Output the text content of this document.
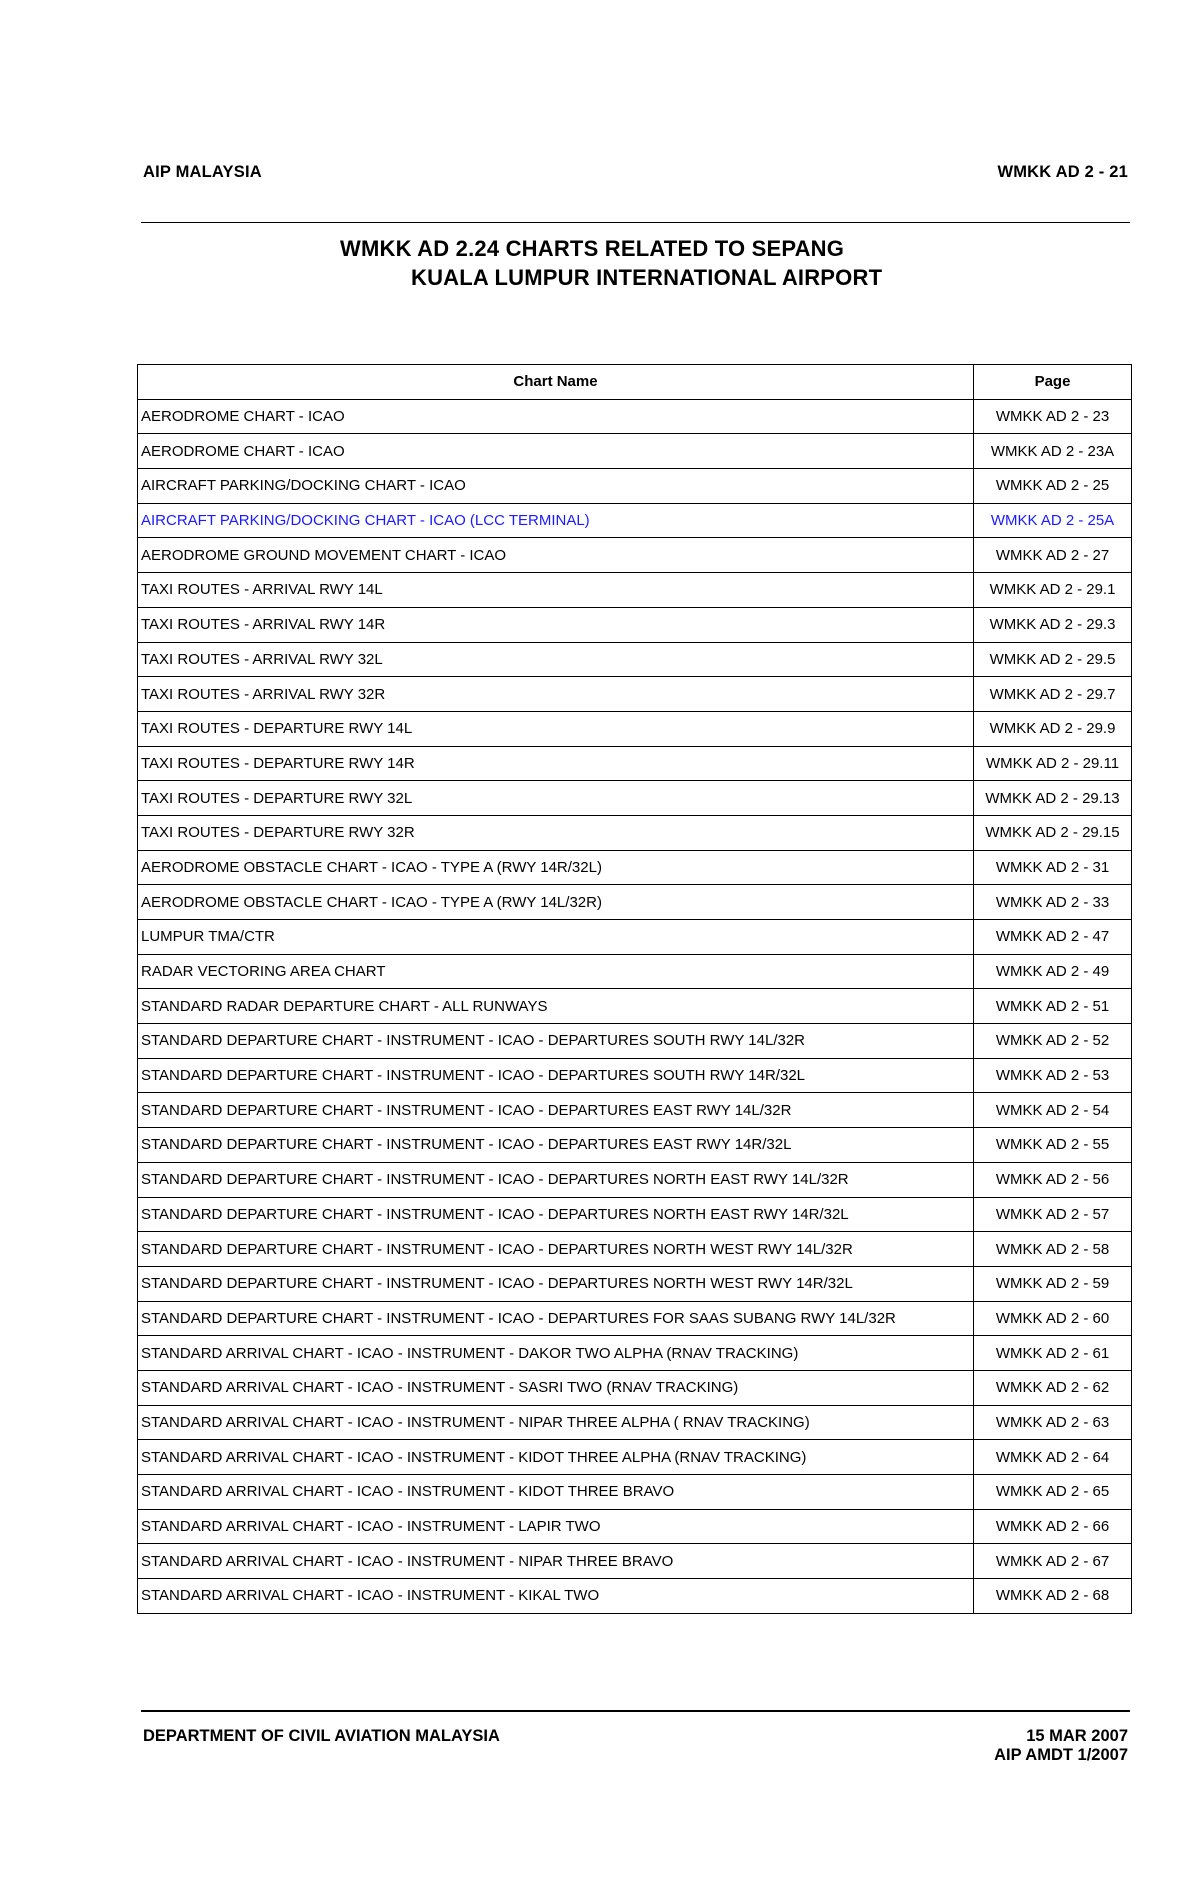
AIP MALAYSIA	WMKK AD 2 - 21
WMKK AD 2.24 CHARTS RELATED TO SEPANG
KUALA LUMPUR INTERNATIONAL AIRPORT
Chart Name	Page
AERODROME CHART - ICAO	WMKK AD 2 - 23
AERODROME CHART - ICAO	WMKK AD 2 - 23A
AIRCRAFT PARKING/DOCKING CHART - ICAO	WMKK AD 2 - 25
AIRCRAFT PARKING/DOCKING CHART - ICAO (LCC TERMINAL)	WMKK AD 2 - 25A
AERODROME GROUND MOVEMENT CHART - ICAO	WMKK AD 2 - 27
TAXI ROUTES - ARRIVAL RWY 14L	WMKK AD 2 - 29.1
TAXI ROUTES - ARRIVAL RWY 14R	WMKK AD 2 - 29.3
TAXI ROUTES - ARRIVAL RWY 32L	WMKK AD 2 - 29.5
TAXI ROUTES - ARRIVAL RWY 32R	WMKK AD 2 - 29.7
TAXI ROUTES - DEPARTURE RWY 14L	WMKK AD 2 - 29.9
TAXI ROUTES - DEPARTURE RWY 14R	WMKK AD 2 - 29.11
TAXI ROUTES - DEPARTURE RWY 32L	WMKK AD 2 - 29.13
TAXI ROUTES - DEPARTURE RWY 32R	WMKK AD 2 - 29.15
AERODROME OBSTACLE CHART - ICAO - TYPE A (RWY 14R/32L)	WMKK AD 2 - 31
AERODROME OBSTACLE CHART - ICAO - TYPE A (RWY 14L/32R)	WMKK AD 2 - 33
LUMPUR TMA/CTR	WMKK AD 2 - 47
RADAR VECTORING AREA CHART	WMKK AD 2 - 49
STANDARD RADAR DEPARTURE CHART - ALL RUNWAYS	WMKK AD 2 - 51
STANDARD DEPARTURE CHART - INSTRUMENT - ICAO - DEPARTURES SOUTH RWY 14L/32R	WMKK AD 2 - 52
STANDARD DEPARTURE CHART - INSTRUMENT - ICAO - DEPARTURES SOUTH RWY 14R/32L	WMKK AD 2 - 53
STANDARD DEPARTURE CHART - INSTRUMENT - ICAO - DEPARTURES EAST RWY 14L/32R	WMKK AD 2 - 54
STANDARD DEPARTURE CHART - INSTRUMENT - ICAO - DEPARTURES EAST RWY 14R/32L	WMKK AD 2 - 55
STANDARD DEPARTURE CHART - INSTRUMENT - ICAO - DEPARTURES NORTH EAST RWY 14L/32R	WMKK AD 2 - 56
STANDARD DEPARTURE CHART - INSTRUMENT - ICAO - DEPARTURES NORTH EAST RWY 14R/32L	WMKK AD 2 - 57
STANDARD DEPARTURE CHART - INSTRUMENT - ICAO - DEPARTURES NORTH WEST RWY 14L/32R	WMKK AD 2 - 58
STANDARD DEPARTURE CHART - INSTRUMENT - ICAO - DEPARTURES NORTH WEST RWY 14R/32L	WMKK AD 2 - 59
STANDARD DEPARTURE CHART - INSTRUMENT - ICAO - DEPARTURES FOR SAAS SUBANG RWY 14L/32R	WMKK AD 2 - 60
STANDARD ARRIVAL CHART - ICAO - INSTRUMENT - DAKOR TWO ALPHA (RNAV TRACKING)	WMKK AD 2 - 61
STANDARD ARRIVAL CHART - ICAO - INSTRUMENT - SASRI TWO (RNAV TRACKING)	WMKK AD 2 - 62
STANDARD ARRIVAL CHART - ICAO - INSTRUMENT - NIPAR THREE ALPHA ( RNAV TRACKING)	WMKK AD 2 - 63
STANDARD ARRIVAL CHART - ICAO - INSTRUMENT - KIDOT THREE ALPHA (RNAV TRACKING)	WMKK AD 2 - 64
STANDARD ARRIVAL CHART - ICAO - INSTRUMENT - KIDOT THREE BRAVO	WMKK AD 2 - 65
STANDARD ARRIVAL CHART - ICAO - INSTRUMENT - LAPIR TWO	WMKK AD 2 - 66
STANDARD ARRIVAL CHART - ICAO - INSTRUMENT - NIPAR THREE BRAVO	WMKK AD 2 - 67
STANDARD ARRIVAL CHART - ICAO - INSTRUMENT - KIKAL TWO	WMKK AD 2 - 68
DEPARTMENT OF CIVIL AVIATION MALAYSIA	15 MAR 2007
AIP AMDT 1/2007
